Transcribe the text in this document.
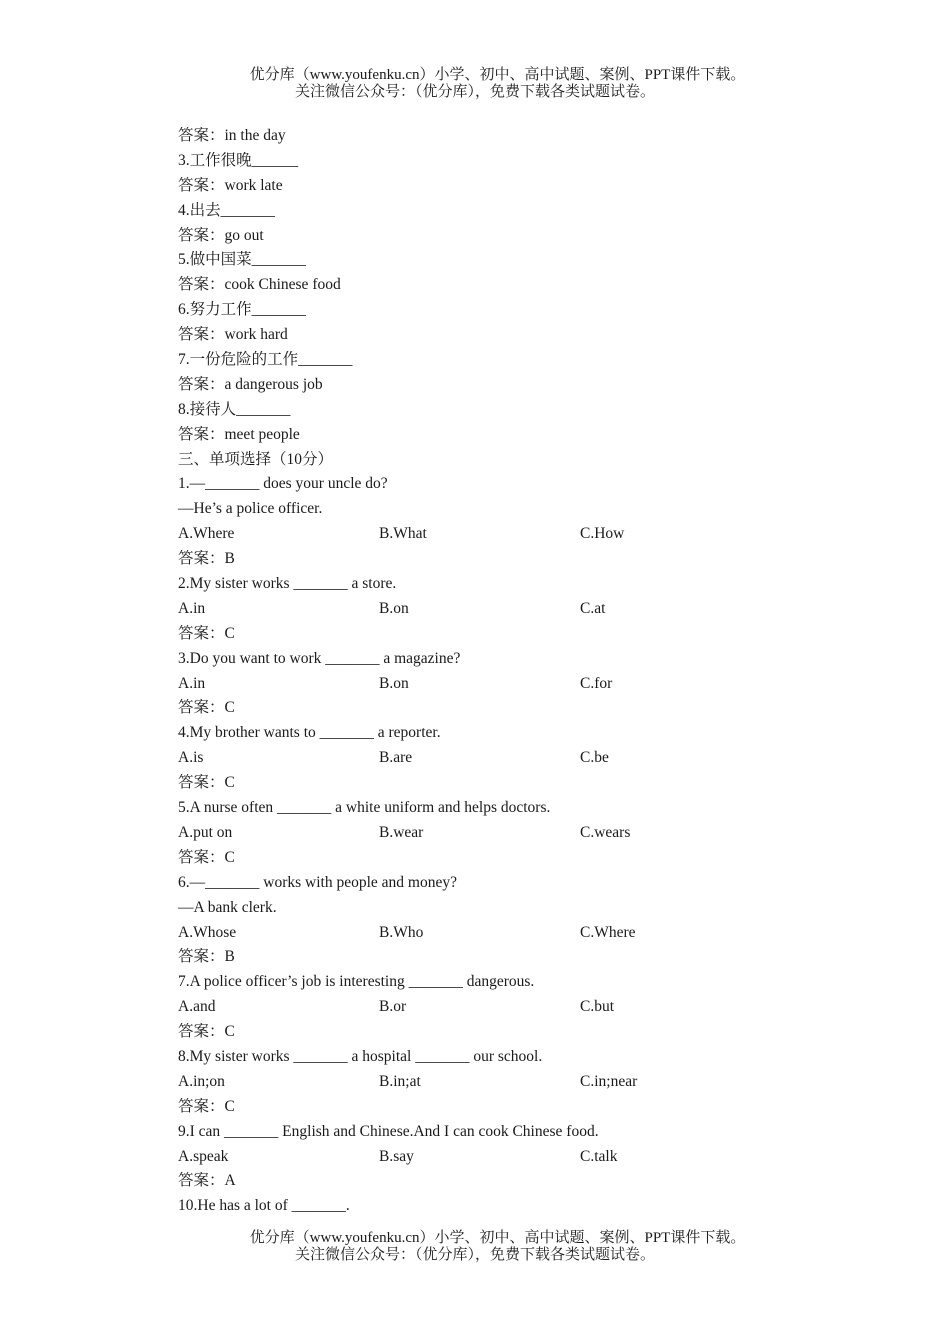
优分库（www.youfenku.cn）小学、初中、高中试题、案例、PPT课件下载。
关注微信公众号：（优分库），免费下载各类试题试卷。
答案：in the day
3.工作很晚______
答案：work late
4.出去_______
答案：go out
5.做中国菜_______
答案：cook Chinese food
6.努力工作_______
答案：work hard
7.一份危险的工作_______
答案：a dangerous job
8.接待人_______
答案：meet people
三、单项选择（10分）
1.—_______ does your uncle do?
—He’s a police officer.
A.Where	B.What	C.How
答案：B
2.My sister works _______ a store.
A.in	B.on	C.at
答案：C
3.Do you want to work _______ a magazine?
A.in	B.on	C.for
答案：C
4.My brother wants to _______ a reporter.
A.is	B.are	C.be
答案：C
5.A nurse often _______ a white uniform and helps doctors.
A.put on	B.wear	C.wears
答案：C
6.—_______ works with people and money?
—A bank clerk.
A.Whose	B.Who	C.Where
答案：B
7.A police officer’s job is interesting _______ dangerous.
A.and	B.or	C.but
答案：C
8.My sister works _______ a hospital _______ our school.
A.in;on	B.in;at	C.in;near
答案：C
9.I can _______ English and Chinese.And I can cook Chinese food.
A.speak	B.say	C.talk
答案：A
10.He has a lot of _______.
优分库（www.youfenku.cn）小学、初中、高中试题、案例、PPT课件下载。
关注微信公众号：（优分库），免费下载各类试题试卷。
